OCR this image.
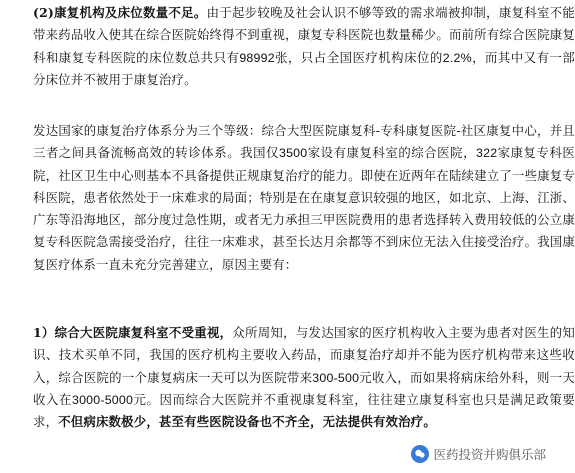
(2)康复机构及床位数量不足。由于起步较晚及社会认识不够等致的需求端被抑制，康复科室不能带来药品收入使其在综合医院始终得不到重视，康复专科医院也数量稀少。而前所有综合医院康复科和康复专科医院的床位数总共只有98992张，只占全国医疗机构床位的2.2%，而其中又有一部分床位并不被用于康复治疗。
发达国家的康复治疗体系分为三个等级：综合大型医院康复科-专科康复医院-社区康复中心，并且三者之间具备流畅高效的转诊体系。我国仅3500家设有康复科室的综合医院，322家康复专科医院，社区卫生中心则基本不具备提供正规康复治疗的能力。即使在近两年在陆续建立了一些康复专科医院，患者依然处于一床难求的局面；特别是在在康复意识较强的地区，如北京、上海、江浙、广东等沿海地区，部分度过急性期，或者无力承担三甲医院费用的患者选择转入费用较低的公立康复专科医院急需接受治疗，往往一床难求，甚至长达月余都等不到床位无法入住接受治疗。我国康复医疗体系一直未充分完善建立，原因主要有：
1）综合大医院康复科室不受重视，众所周知，与发达国家的医疗机构收入主要为患者对医生的知识、技术买单不同，我国的医疗机构主要收入药品，而康复治疗却并不能为医疗机构带来这些收入，综合医院的一个康复病床一天可以为医院带来300-500元收入，而如果将病床给外科，则一天收入在3000-5000元。因而综合大医院并不重视康复科室，往往建立康复科室也只是满足政策要求，不但病床数极少，甚至有些医院设备也不齐全，无法提供有效治疗。
医药投资并购俱乐部
